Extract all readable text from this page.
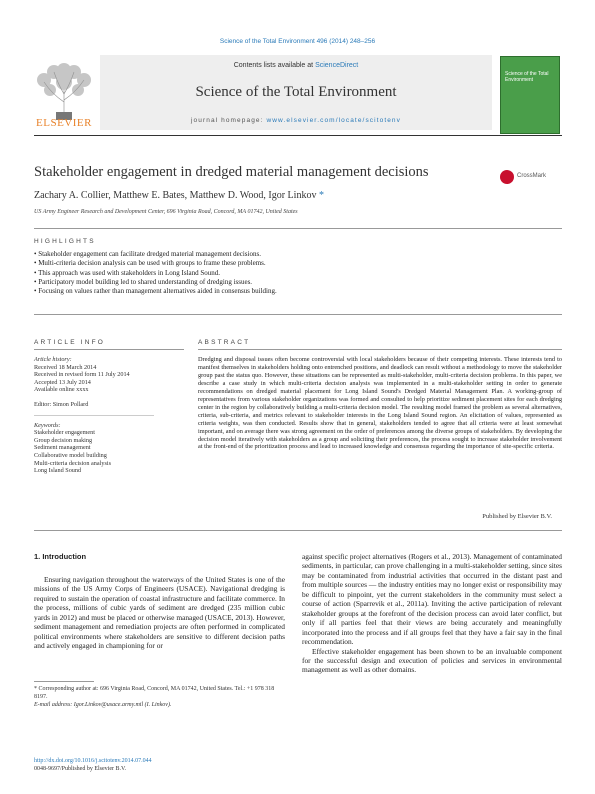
Science of the Total Environment 496 (2014) 248–256
Contents lists available at ScienceDirect
Science of the Total Environment
journal homepage: www.elsevier.com/locate/scitotenv
ELSEVIER
Science of the Total Environment
Stakeholder engagement in dredged material management decisions	CrossMark
Zachary A. Collier, Matthew E. Bates, Matthew D. Wood, Igor Linkov *
US Army Engineer Research and Development Center, 696 Virginia Road, Concord, MA 01742, United States
HIGHLIGHTS
• Stakeholder engagement can facilitate dredged material management decisions.
• Multi-criteria decision analysis can be used with groups to frame these problems.
• This approach was used with stakeholders in Long Island Sound.
• Participatory model building led to shared understanding of dredging issues.
• Focusing on values rather than management alternatives aided in consensus building.
ARTICLE INFO	ABSTRACT
Article history:
Received 18 March 2014
Received in revised form 11 July 2014
Accepted 13 July 2014
Available online xxxx
Editor: Simon Pollard
Keywords:
Stakeholder engagement
Group decision making
Sediment management
Collaborative model building
Multi-criteria decision analysis
Long Island Sound
Dredging and disposal issues often become controversial with local stakeholders because of their competing interests. These interests tend to manifest themselves in stakeholders holding onto entrenched positions, and deadlock can result without a methodology to move the stakeholder group past the status quo. However, these situations can be represented as multi-stakeholder, multi-criteria decision problems. In this paper, we describe a case study in which multi-criteria decision analysis was implemented in a multi-stakeholder setting in order to generate recommendations on dredged material placement for Long Island Sound's Dredged Material Management Plan. A working-group of representatives from various stakeholder organizations was formed and consulted to help prioritize sediment placement sites for each dredging center in the region by collaboratively building a multi-criteria decision model. The resulting model framed the problem as several alternatives, criteria, sub-criteria, and metrics relevant to stakeholder interests in the Long Island Sound region. An elicitation of values, represented as criteria weights, was then conducted. Results show that in general, stakeholders tended to agree that all criteria were at least somewhat important, and on average there was strong agreement on the order of preferences among the diverse groups of stakeholders. By developing the decision model iteratively with stakeholders as a group and soliciting their preferences, the process sought to increase stakeholder involvement at the front-end of the prioritization process and lead to increased knowledge and consensus regarding the importance of site-specific criteria.
Published by Elsevier B.V.
1. Introduction

Ensuring navigation throughout the waterways of the United States is one of the missions of the US Army Corps of Engineers (USACE). Navigational dredging is required to sustain the operation of coastal infrastructure and facilitate commerce. In the process, millions of cubic yards of sediment are dredged (235 million cubic yards in 2012) and must be placed or otherwise managed (USACE, 2013). However, sediment management and remediation projects are often performed in complicated political environments where stakeholders are sensitive to different decision paths and actively engaged in championing for or

against specific project alternatives (Rogers et al., 2013). Management of contaminated sediments, in particular, can prove challenging in a multi-stakeholder setting, since sites may be contaminated from industrial activities that occurred in the distant past and from multiple sources — the industry entities may no longer exist or responsibility may be difficult to pinpoint, yet the current stakeholders in the community must select a course of action (Sparrevik et al., 2011a). Inviting the active participation of relevant stakeholder groups at the forefront of the decision process can avoid later conflict, but only if all parties feel that their views are being accurately and meaningfully incorporated into the process and if all groups feel that they have a fair say in the final recommendation.

Effective stakeholder engagement has been shown to be an invaluable component for the successful design and execution of policies and services in environmental management as well as other domains.

* Corresponding author at: 696 Virginia Road, Concord, MA 01742, United States. Tel.: +1 978 318 8197.
E-mail address: Igor.Linkov@usace.army.mil (I. Linkov).
http://dx.doi.org/10.1016/j.scitotenv.2014.07.044
0048-9697/Published by Elsevier B.V.
